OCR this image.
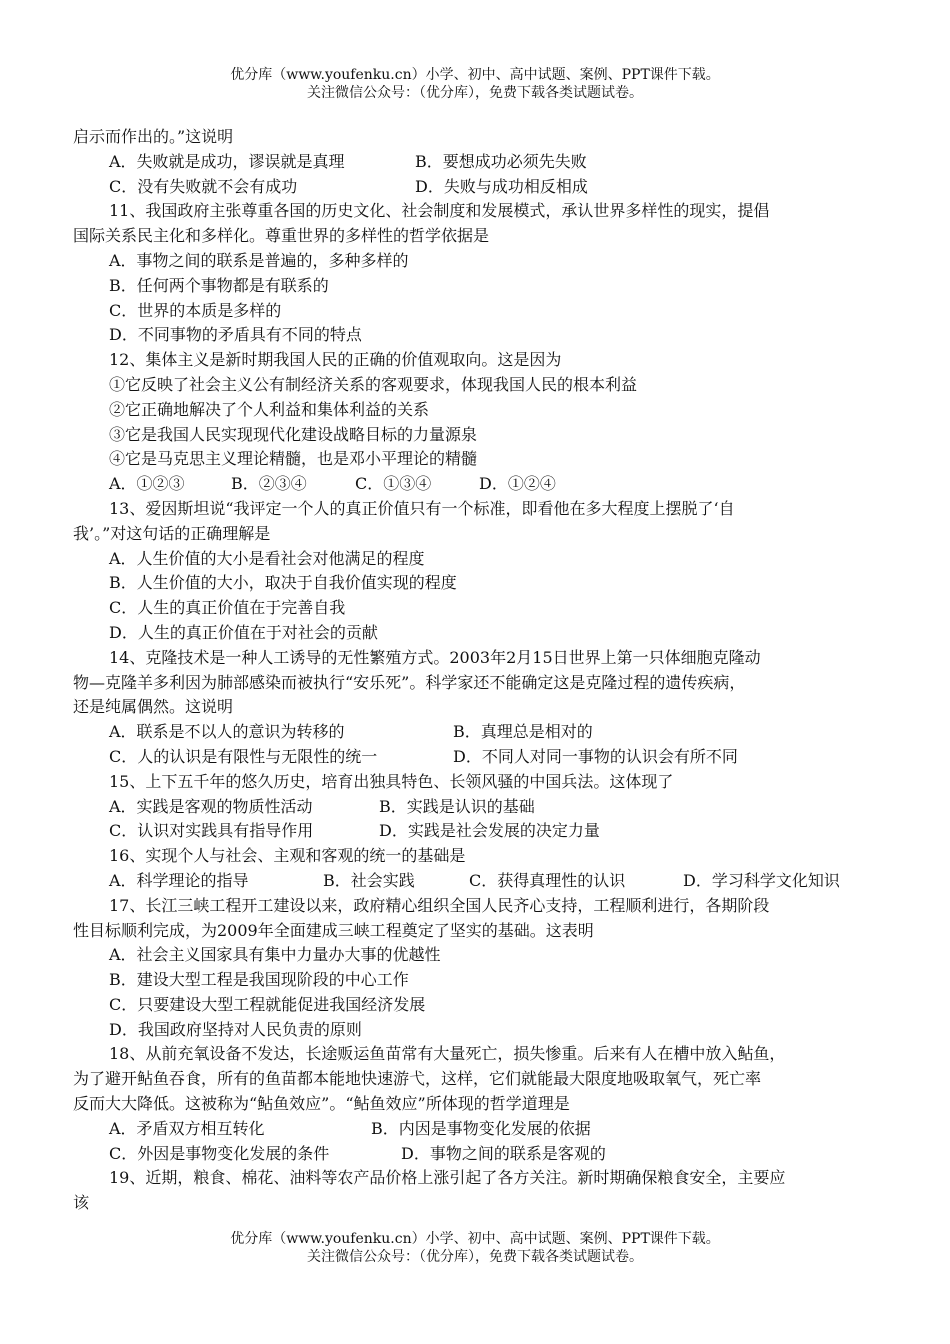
优分库（www.youfenku.cn）小学、初中、高中试题、案例、PPT课件下载。
关注微信公众号：（优分库），免费下载各类试题试卷。
启示而作出的。”这说明
A．失败就是成功，谬误就是真理	B．要想成功必须先失败
C．没有失败就不会有成功	D．失败与成功相反相成
11、我国政府主张尊重各国的历史文化、社会制度和发展模式，承认世界多样性的现实，提倡
国际关系民主化和多样化。尊重世界的多样性的哲学依据是
A．事物之间的联系是普遍的，多种多样的
B．任何两个事物都是有联系的
C．世界的本质是多样的
D．不同事物的矛盾具有不同的特点
12、集体主义是新时期我国人民的正确的价值观取向。这是因为
①它反映了社会主义公有制经济关系的客观要求，体现我国人民的根本利益
②它正确地解决了个人利益和集体利益的关系
③它是我国人民实现现代化建设战略目标的力量源泉
④它是马克思主义理论精髓，也是邓小平理论的精髓
A．①②③	B．②③④	C．①③④	D．①②④
13、爱因斯坦说“我评定一个人的真正价值只有一个标准，即看他在多大程度上摆脱了‘自
我’。”对这句话的正确理解是
A．人生价值的大小是看社会对他满足的程度
B．人生价值的大小，取决于自我价值实现的程度
C．人生的真正价值在于完善自我
D．人生的真正价值在于对社会的贡献
14、克隆技术是一种人工诱导的无性繁殖方式。2003年2月15日世界上第一只体细胞克隆动
物—克隆羊多利因为肺部感染而被执行“安乐死”。科学家还不能确定这是克隆过程的遗传疾病，
还是纯属偶然。这说明
A．联系是不以人的意识为转移的	B．真理总是相对的
C．人的认识是有限性与无限性的统一	D．不同人对同一事物的认识会有所不同
15、上下五千年的悠久历史，培育出独具特色、长领风骚的中国兵法。这体现了
A．实践是客观的物质性活动	B．实践是认识的基础
C．认识对实践具有指导作用	D．实践是社会发展的决定力量
16、实现个人与社会、主观和客观的统一的基础是
A．科学理论的指导	B．社会实践	C．获得真理性的认识	D．学习科学文化知识
17、长江三峡工程开工建设以来，政府精心组织全国人民齐心支持，工程顺利进行，各期阶段
性目标顺利完成，为2009年全面建成三峡工程奠定了坚实的基础。这表明
A．社会主义国家具有集中力量办大事的优越性
B．建设大型工程是我国现阶段的中心工作
C．只要建设大型工程就能促进我国经济发展
D．我国政府坚持对人民负责的原则
18、从前充氧设备不发达，长途贩运鱼苗常有大量死亡，损失惨重。后来有人在槽中放入鲇鱼，
为了避开鲇鱼吞食，所有的鱼苗都本能地快速游弋，这样，它们就能最大限度地吸取氧气，死亡率
反而大大降低。这被称为“鲇鱼效应”。“鲇鱼效应”所体现的哲学道理是
A．矛盾双方相互转化	B．内因是事物变化发展的依据
C．外因是事物变化发展的条件	D．事物之间的联系是客观的
19、近期，粮食、棉花、油料等农产品价格上涨引起了各方关注。新时期确保粮食安全，主要应
该
优分库（www.youfenku.cn）小学、初中、高中试题、案例、PPT课件下载。
关注微信公众号：（优分库），免费下载各类试题试卷。
